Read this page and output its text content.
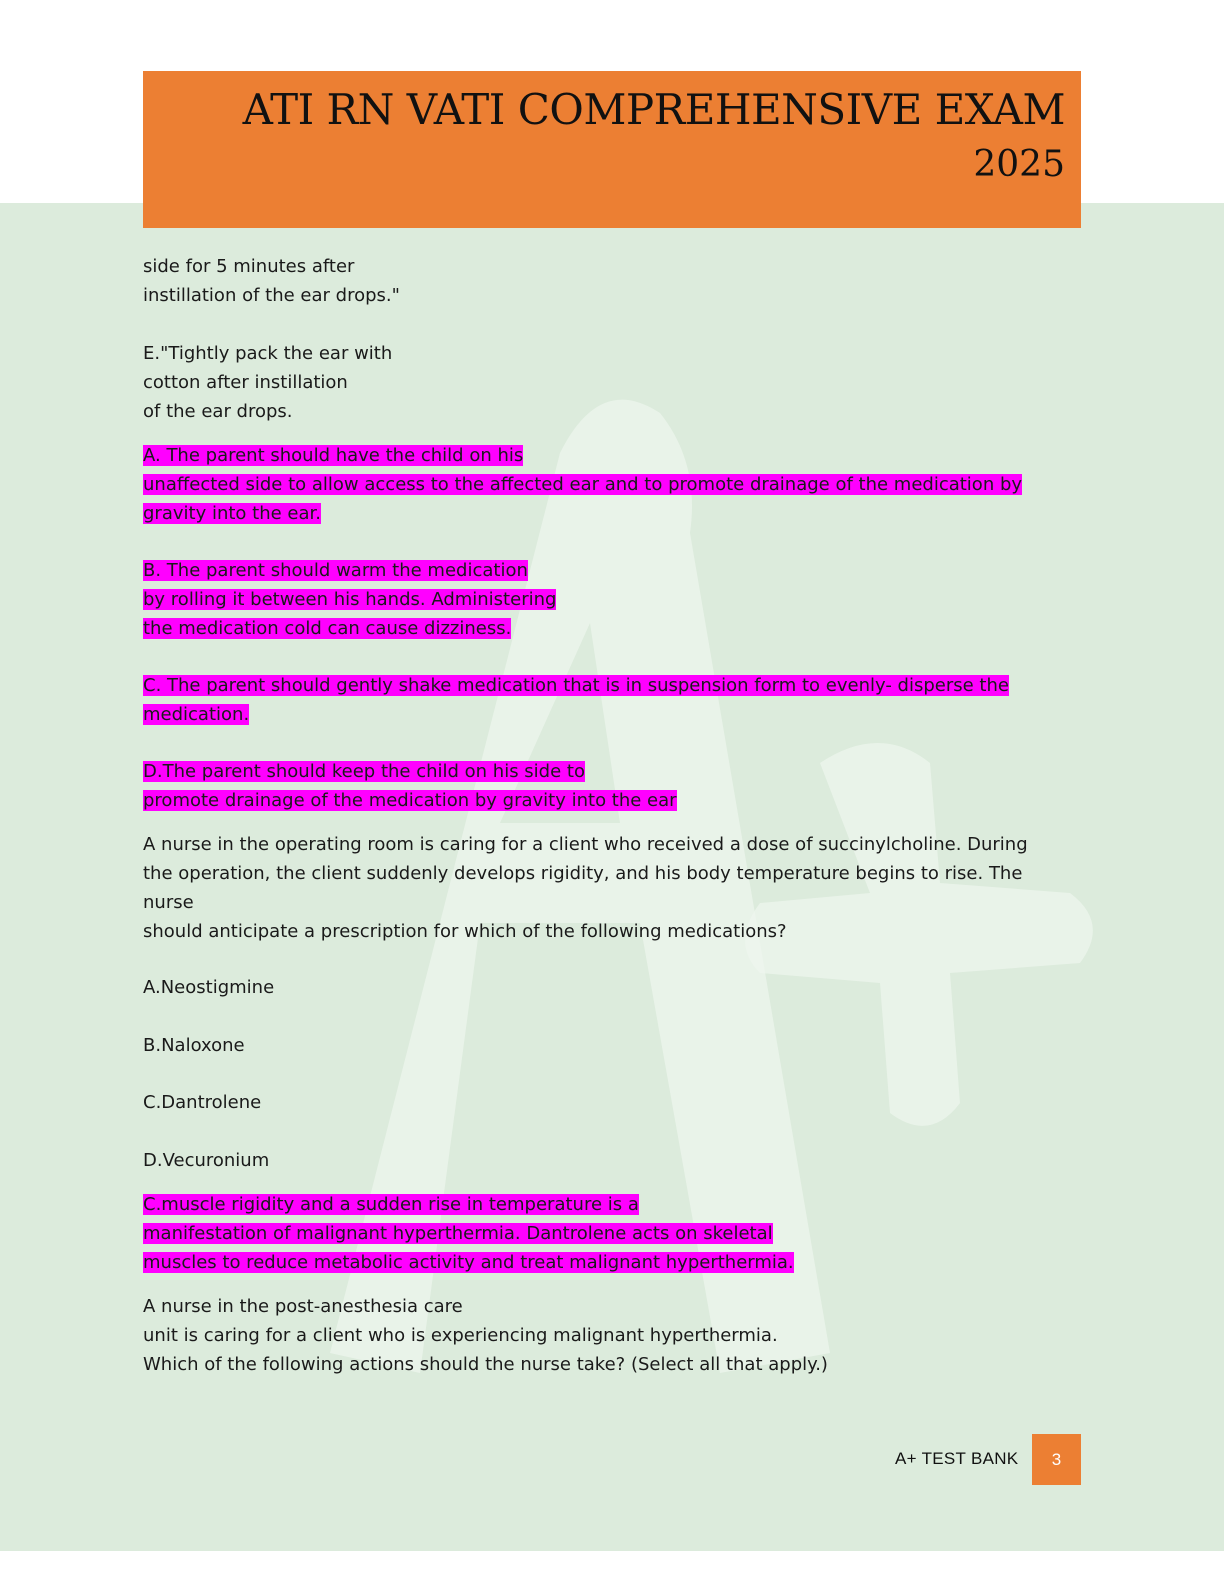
ATI RN VATI COMPREHENSIVE EXAM
2025
side for 5 minutes after
instillation of the ear drops."
E."Tightly pack the ear with
cotton after instillation
of the ear drops.
A. The parent should have the child on his
unaffected side to allow access to the affected ear and to promote drainage of the medication by
gravity into the ear.
B. The parent should warm the medication
by rolling it between his hands. Administering
the medication cold can cause dizziness.
C. The parent should gently shake medication that is in suspension form to evenly- disperse the
medication.
D.The parent should keep the child on his side to
promote drainage of the medication by gravity into the ear
A nurse in the operating room is caring for a client who received a dose of succinylcholine. During
the operation, the client suddenly develops rigidity, and his body temperature begins to rise. The
nurse
should anticipate a prescription for which of the following medications?
A.Neostigmine
B.Naloxone
C.Dantrolene
D.Vecuronium
C.muscle rigidity and a sudden rise in temperature is a
manifestation of malignant hyperthermia. Dantrolene acts on skeletal
muscles to reduce metabolic activity and treat malignant hyperthermia.
A nurse in the post-anesthesia care
unit is caring for a client who is experiencing malignant hyperthermia.
Which of the following actions should the nurse take? (Select all that apply.)
A+ TEST BANK 3
